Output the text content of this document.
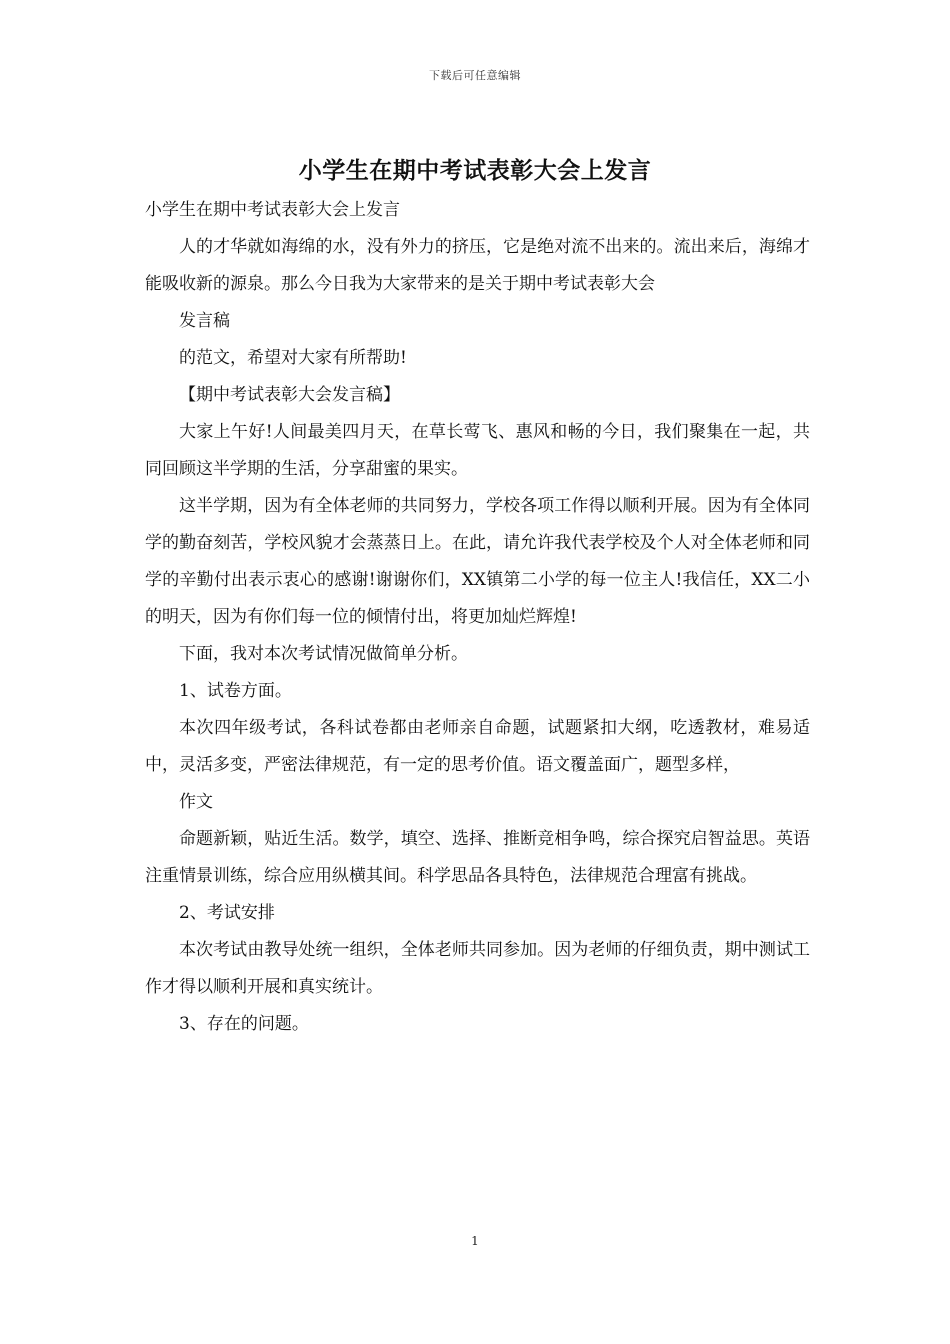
下载后可任意编辑
小学生在期中考试表彰大会上发言

小学生在期中考试表彰大会上发言

人的才华就如海绵的水，没有外力的挤压，它是绝对流不出来的。流出来后，海绵才能吸收新的源泉。那么今日我为大家带来的是关于期中考试表彰大会

发言稿

的范文，希望对大家有所帮助!

【期中考试表彰大会发言稿】

大家上午好!人间最美四月天，在草长莺飞、惠风和畅的今日，我们聚集在一起，共同回顾这半学期的生活，分享甜蜜的果实。

这半学期，因为有全体老师的共同努力，学校各项工作得以顺利开展。因为有全体同学的勤奋刻苦，学校风貌才会蒸蒸日上。在此，请允许我代表学校及个人对全体老师和同学的辛勤付出表示衷心的感谢!谢谢你们，XX镇第二小学的每一位主人!我信任，XX二小的明天，因为有你们每一位的倾情付出，将更加灿烂辉煌!

下面，我对本次考试情况做简单分析。

1、试卷方面。

本次四年级考试，各科试卷都由老师亲自命题，试题紧扣大纲，吃透教材，难易适中，灵活多变，严密法律规范，有一定的思考价值。语文覆盖面广，题型多样，

作文

命题新颖，贴近生活。数学，填空、选择、推断竞相争鸣，综合探究启智益思。英语注重情景训练，综合应用纵横其间。科学思品各具特色，法律规范合理富有挑战。

2、考试安排

本次考试由教导处统一组织，全体老师共同参加。因为老师的仔细负责，期中测试工作才得以顺利开展和真实统计。

3、存在的问题。

1
